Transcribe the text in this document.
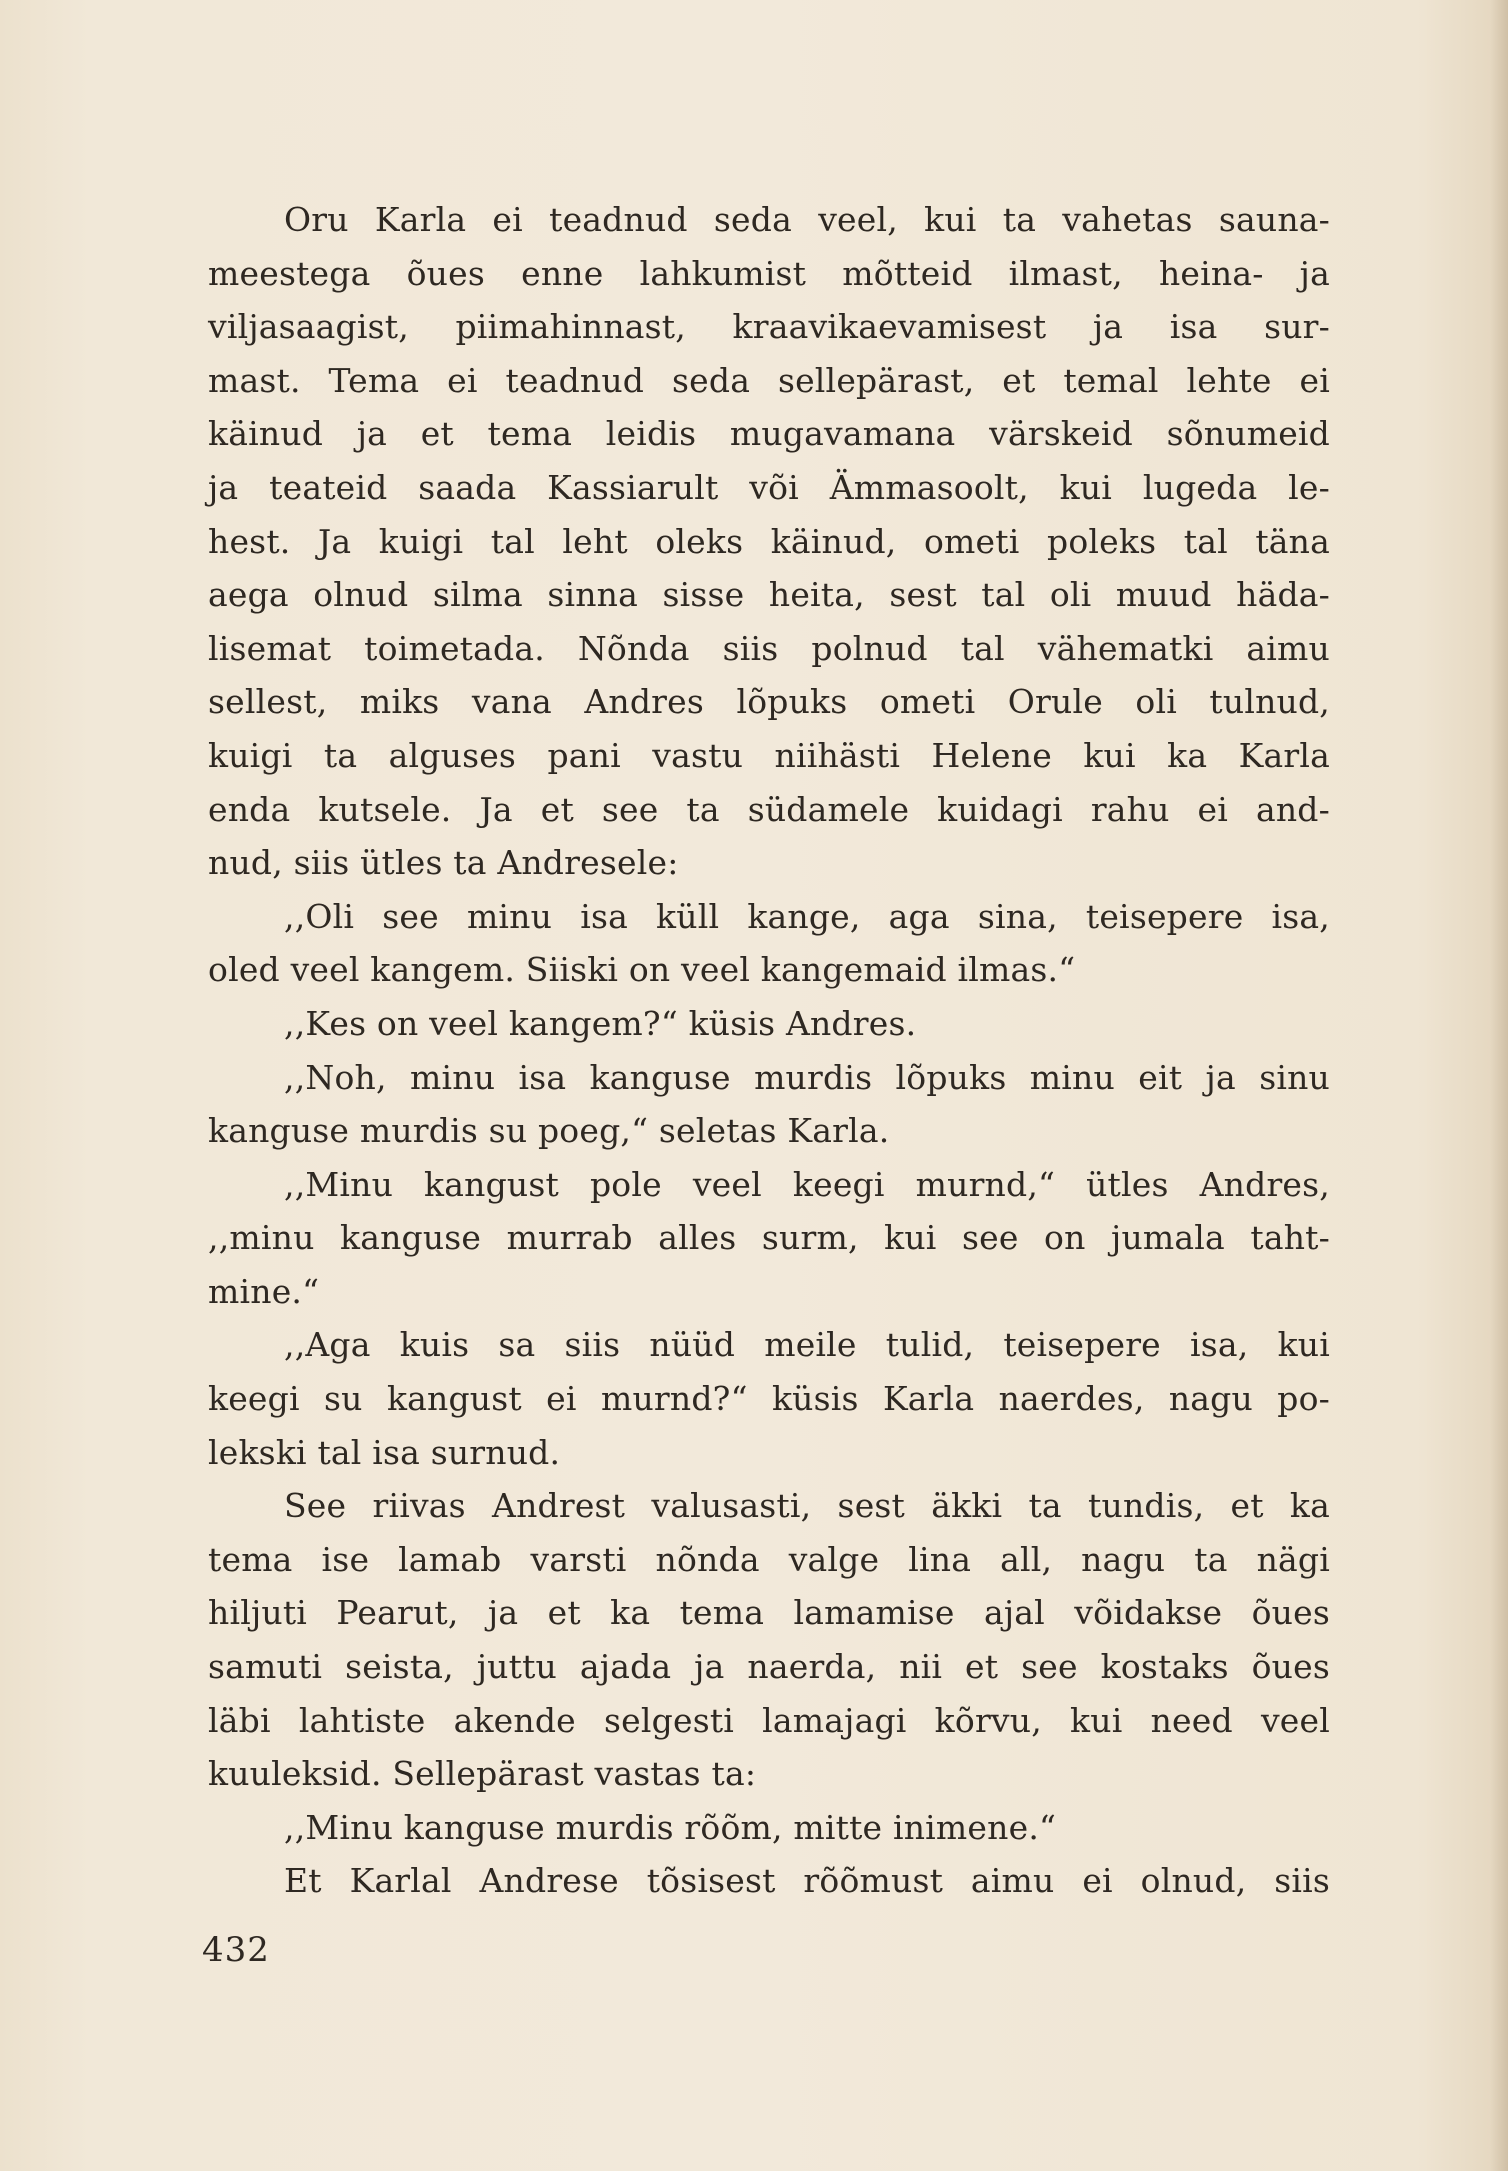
Oru Karla ei teadnud seda veel, kui ta vahetas sauna-
meestega õues enne lahkumist mõtteid ilmast, heina- ja
viljasaagist, piimahinnast, kraavikaevamisest ja isa sur-
mast. Tema ei teadnud seda sellepärast, et temal lehte ei
käinud ja et tema leidis mugavamana värskeid sõnumeid
ja teateid saada Kassiarult või Ämmasoolt, kui lugeda le-
hest. Ja kuigi tal leht oleks käinud, ometi poleks tal täna
aega olnud silma sinna sisse heita, sest tal oli muud häda-
lisemat toimetada. Nõnda siis polnud tal vähematki aimu
sellest, miks vana Andres lõpuks ometi Orule oli tulnud,
kuigi ta alguses pani vastu niihästi Helene kui ka Karla
enda kutsele. Ja et see ta südamele kuidagi rahu ei and-
nud, siis ütles ta Andresele:
,,Oli see minu isa küll kange, aga sina, teisepere isa,
oled veel kangem. Siiski on veel kangemaid ilmas.“
,,Kes on veel kangem?“ küsis Andres.
,,Noh, minu isa kanguse murdis lõpuks minu eit ja sinu
kanguse murdis su poeg,“ seletas Karla.
,,Minu kangust pole veel keegi murnd,“ ütles Andres,
,,minu kanguse murrab alles surm, kui see on jumala taht-
mine.“
,,Aga kuis sa siis nüüd meile tulid, teisepere isa, kui
keegi su kangust ei murnd?“ küsis Karla naerdes, nagu po-
lekski tal isa surnud.
See riivas Andrest valusasti, sest äkki ta tundis, et ka
tema ise lamab varsti nõnda valge lina all, nagu ta nägi
hiljuti Pearut, ja et ka tema lamamise ajal võidakse õues
samuti seista, juttu ajada ja naerda, nii et see kostaks õues
läbi lahtiste akende selgesti lamajagi kõrvu, kui need veel
kuuleksid. Sellepärast vastas ta:
,,Minu kanguse murdis rõõm, mitte inimene.“
Et Karlal Andrese tõsisest rõõmust aimu ei olnud, siis
432
